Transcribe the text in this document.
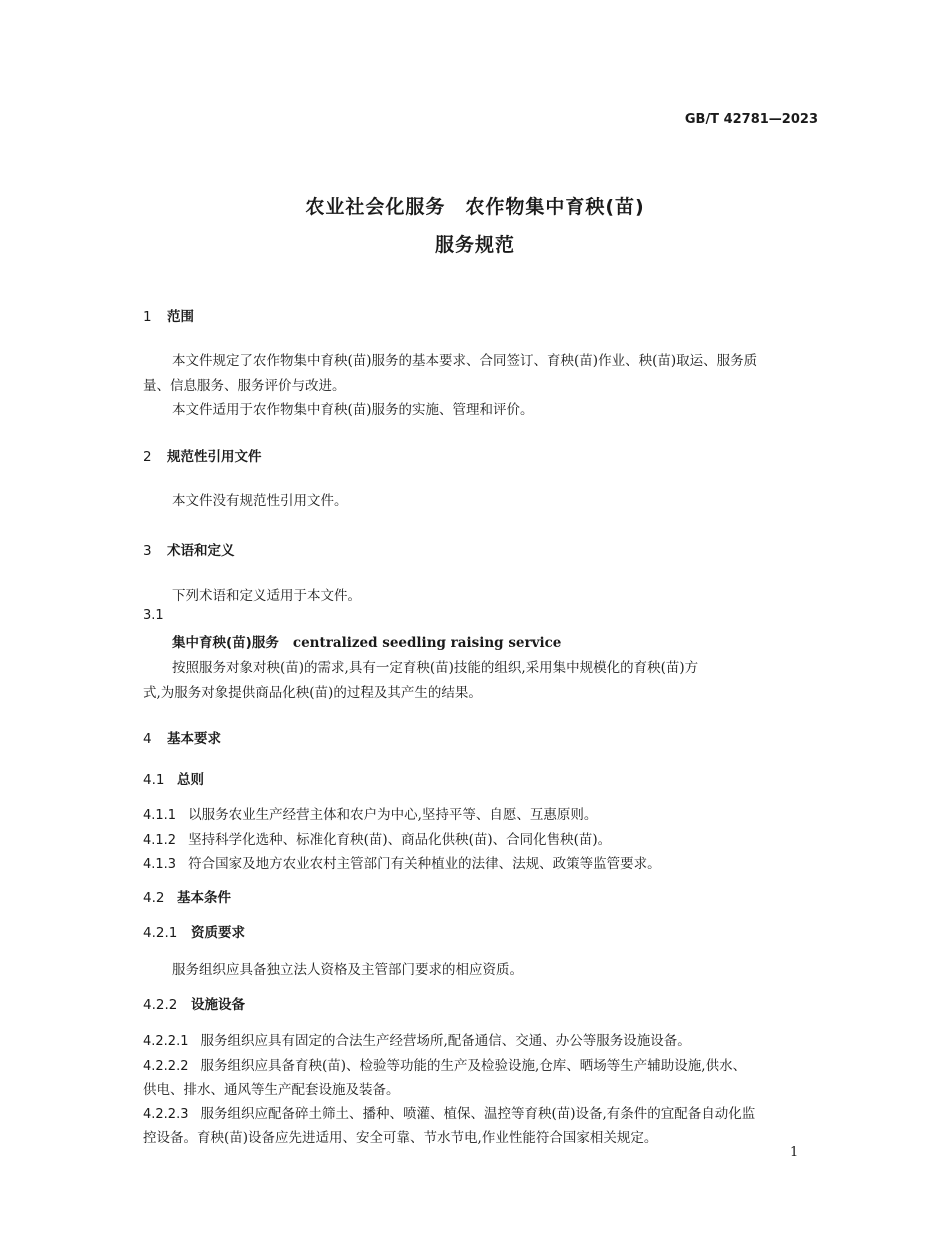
GB/T 42781—2023
农业社会化服务　农作物集中育秧(苗)
服务规范
1 范围
本文件规定了农作物集中育秧(苗)服务的基本要求、合同签订、育秧(苗)作业、秧(苗)取运、服务质
量、信息服务、服务评价与改进。
本文件适用于农作物集中育秧(苗)服务的实施、管理和评价。
2 规范性引用文件
本文件没有规范性引用文件。
3 术语和定义
下列术语和定义适用于本文件。
3.1
集中育秧(苗)服务 centralized seedling raising service
按照服务对象对秧(苗)的需求,具有一定育秧(苗)技能的组织,采用集中规模化的育秧(苗)方
式,为服务对象提供商品化秧(苗)的过程及其产生的结果。
4 基本要求
4.1 总则
4.1.1 以服务农业生产经营主体和农户为中心,坚持平等、自愿、互惠原则。
4.1.2 坚持科学化选种、标准化育秧(苗)、商品化供秧(苗)、合同化售秧(苗)。
4.1.3 符合国家及地方农业农村主管部门有关种植业的法律、法规、政策等监管要求。
4.2 基本条件
4.2.1 资质要求
服务组织应具备独立法人资格及主管部门要求的相应资质。
4.2.2 设施设备
4.2.2.1 服务组织应具有固定的合法生产经营场所,配备通信、交通、办公等服务设施设备。
4.2.2.2 服务组织应具备育秧(苗)、检验等功能的生产及检验设施,仓库、晒场等生产辅助设施,供水、
供电、排水、通风等生产配套设施及装备。
4.2.2.3 服务组织应配备碎土筛土、播种、喷灌、植保、温控等育秧(苗)设备,有条件的宜配备自动化监
控设备。育秧(苗)设备应先进适用、安全可靠、节水节电,作业性能符合国家相关规定。
1
